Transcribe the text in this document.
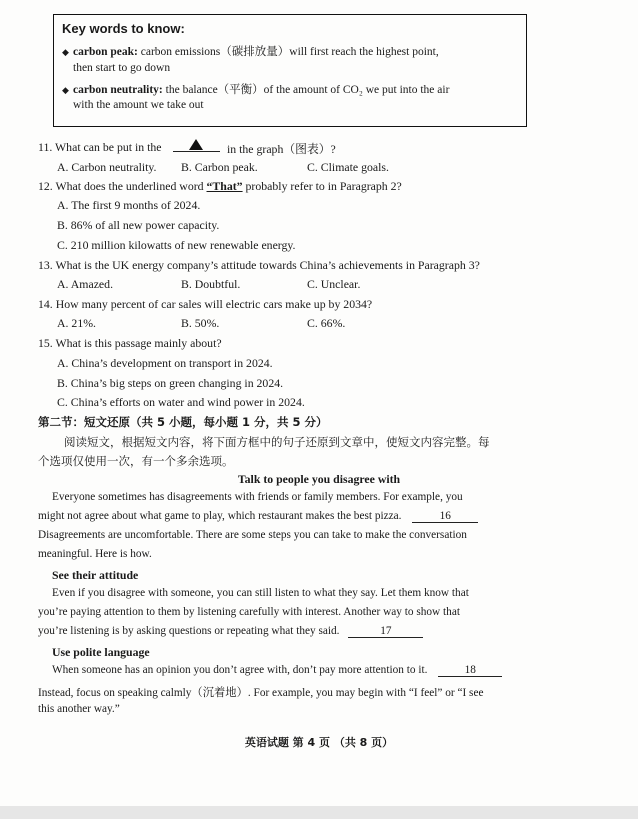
Key words to know:
◆ carbon peak: carbon emissions（碳排放量）will first reach the highest point,
then start to go down
◆ carbon neutrality: the balance（平衡）of the amount of CO₂ we put into the air
with the amount we take out
11. What can be put in the	in the graph（图表）?
A. Carbon neutrality. B. Carbon peak.	C. Climate goals.
12. What does the underlined word “That” probably refer to in Paragraph 2?
A. The first 9 months of 2024.
B. 86% of all new power capacity.
C. 210 million kilowatts of new renewable energy.
13. What is the UK energy company’s attitude towards China’s achievements in Paragraph 3?
A. Amazed.	B. Doubtful.	C. Unclear.
14. How many percent of car sales will electric cars make up by 2034?
A. 21%.	B. 50%.	C. 66%.
15. What is this passage mainly about?
A. China’s development on transport in 2024.
B. China’s big steps on green changing in 2024.
C. China’s efforts on water and wind power in 2024.
第二节：短文还原（共 5 小题，每小题 1 分，共 5 分）
阅读短文，根据短文内容，将下面方框中的句子还原到文章中，使短文内容完整。每
个选项仅使用一次，有一个多余选项。
Talk to people you disagree with
Everyone sometimes has disagreements with friends or family members. For example, you
might not agree about what game to play, which restaurant makes the best pizza.	16
Disagreements are uncomfortable. There are some steps you can take to make the conversation
meaningful. Here is how.
See their attitude
Even if you disagree with someone, you can still listen to what they say. Let them know that
you’re paying attention to them by listening carefully with interest. Another way to show that
you’re listening is by asking questions or repeating what they said.	17
Use polite language
When someone has an opinion you don’t agree with, don’t pay more attention to it.	18
Instead, focus on speaking calmly（沉着地）. For example, you may begin with “I feel” or “I see
this another way.”
英语试题 第 4 页 （共 8 页）
